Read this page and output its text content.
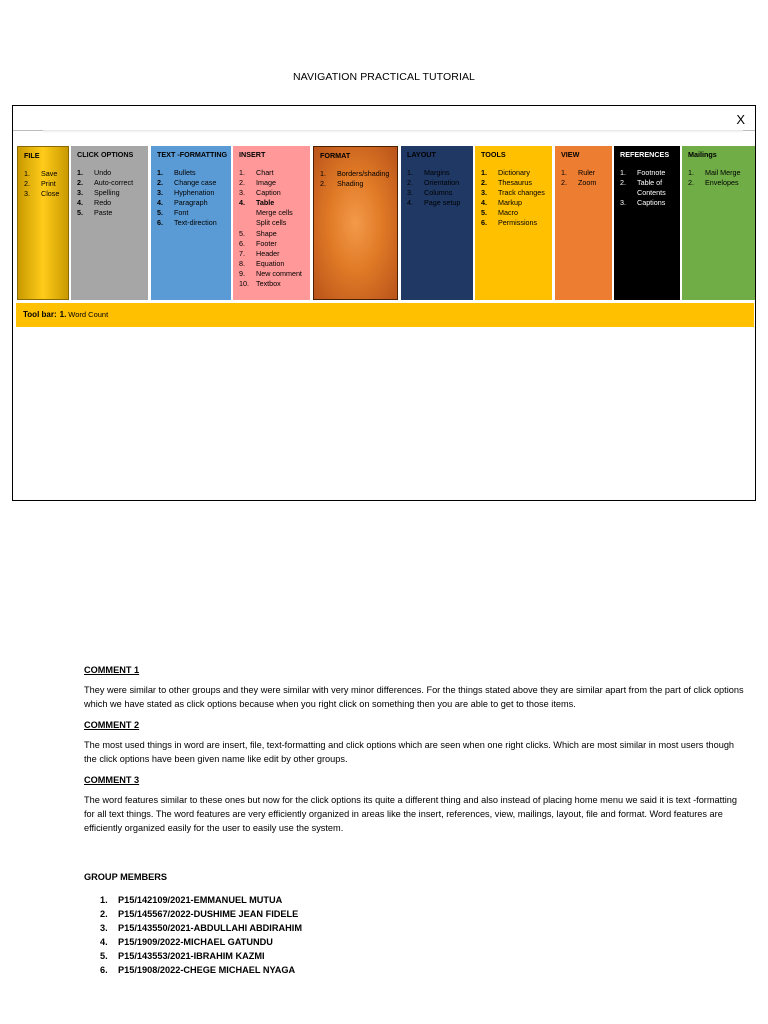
NAVIGATION PRACTICAL TUTORIAL
X
FILE
1.	Save
2.	Print
3.	Close
CLICK OPTIONS
1.	Undo
2.	Auto-correct
3.	Spelling
4.	Redo
5.	Paste
TEXT -FORMATTING
1.	Bullets
2.	Change case
3.	Hyphenation
4.	Paragraph
5.	Font
6.	Text-direction
INSERT
1.	Chart
2.	Image
3.	Caption
4.	Table
Merge cells
Split cells
5.	Shape
6.	Footer
7.	Header
8.	Equation
9.	New comment
10. Textbox
FORMAT
1.	Borders/shading
2.	Shading
LAYOUT
1.	Margins
2.	Orientation
3.	Columns
4.	Page setup
TOOLS
1.	Dictionary
2.	Thesaurus
3.	Track changes
4.	Markup
5.	Macro
6.	Permissions
VIEW
1.	Ruler
2.	Zoom
REFERENCES
1.	Footnote
2.	Table of Contents
3.	Captions
Mailings
1.	Mail Merge
2.	Envelopes
Tool bar: 1. Word Count

COMMENT 1

They were similar to other groups and they were similar with very minor differences. For the things stated above they are similar apart from the part of click options which we have stated as click options because when you right click on something then you are able to get to those items.

COMMENT 2

The most used things in word are insert, file, text-formatting and click options which are seen when one right clicks. Which are most similar in most users though the click options have been given name like edit by other groups.

COMMENT 3

The word features similar to these ones but now for the click options its quite a different thing and also instead of placing home menu we said it is text -formatting for all text things. The word features are very efficiently organized in areas like the insert, references, view, mailings, layout, file and format. Word features are efficiently organized easily for the user to easily use the system.

GROUP MEMBERS
1.	P15/142109/2021-EMMANUEL MUTUA
2.	P15/145567/2022-DUSHIME JEAN FIDELE
3.	P15/143550/2021-ABDULLAHI ABDIRAHIM
4.	P15/1909/2022-MICHAEL GATUNDU
5.	P15/143553/2021-IBRAHIM KAZMI
6.	P15/1908/2022-CHEGE MICHAEL NYAGA
